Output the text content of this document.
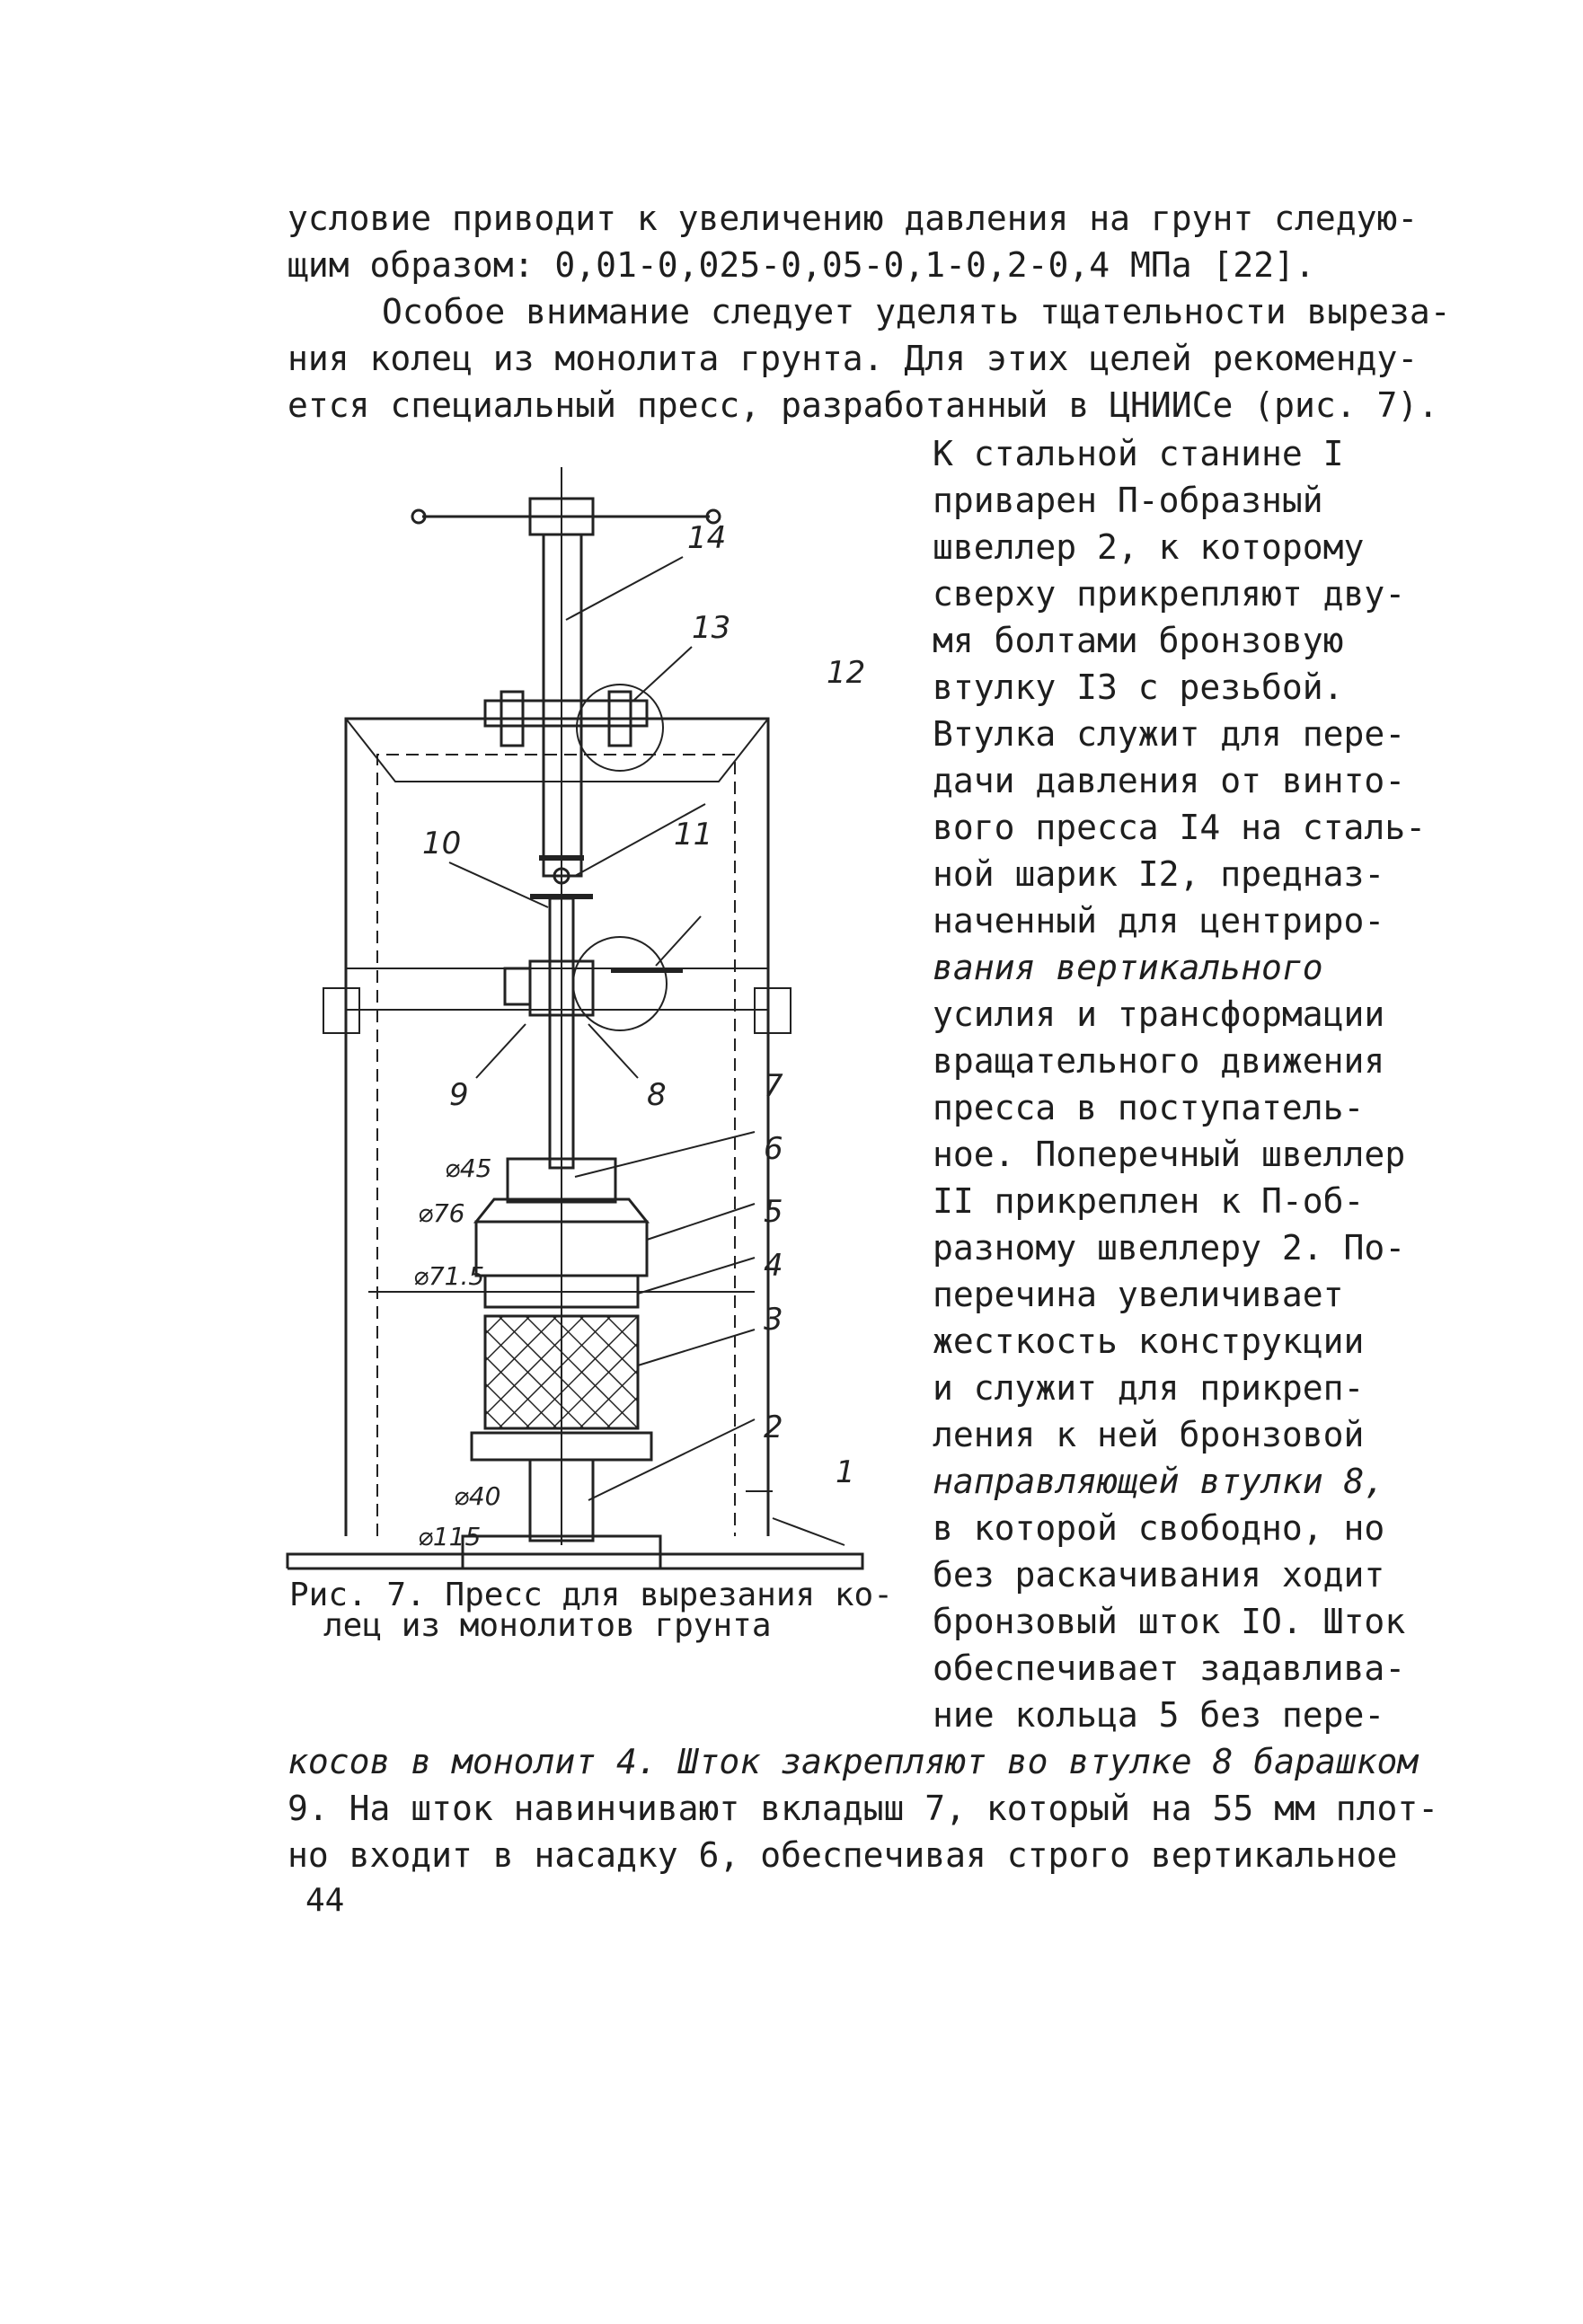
условие приводит к увеличению давления на грунт следую-
щим образом: 0,01-0,025-0,05-0,1-0,2-0,4 МПа [22].
Особое внимание следует уделять тщательности выреза-
ния колец из монолита грунта. Для этих целей рекоменду-
ется специальный пресс, разработанный в ЦНИИСе (рис. 7).
К стальной станине I
приварен П-образный
швеллер 2, к которому
сверху прикрепляют дву-
мя болтами бронзовую
втулку I3 с резьбой.
Втулка служит для пере-
дачи давления от винто-
вого пресса I4 на сталь-
ной шарик I2, предназ-
наченный для центриро-
вания вертикального
усилия и трансформации
вращательного движения
пресса в поступатель-
ное. Поперечный швеллер
II прикреплен к П-об-
разному швеллеру 2. По-
перечина увеличивает
жесткость конструкции
и служит для прикреп-
ления к ней бронзовой
направляющей втулки 8,
в которой свободно, но
без раскачивания ходит
бронзовый шток IO. Шток
обеспечивает задавлива-
ние кольца 5 без пере-
Рис. 7. Пресс для вырезания ко-
лец из монолитов грунта
косов в монолит 4. Шток закрепляют во втулке 8 барашком
9. На шток навинчивают вкладыш 7, который на 55 мм плот-
но входит в насадку 6, обеспечивая строго вертикальное
44
14
13
12
10	11
9	8	7
6
5
4
3
2
1
⌀45
⌀76
⌀71.5
⌀40
⌀115
